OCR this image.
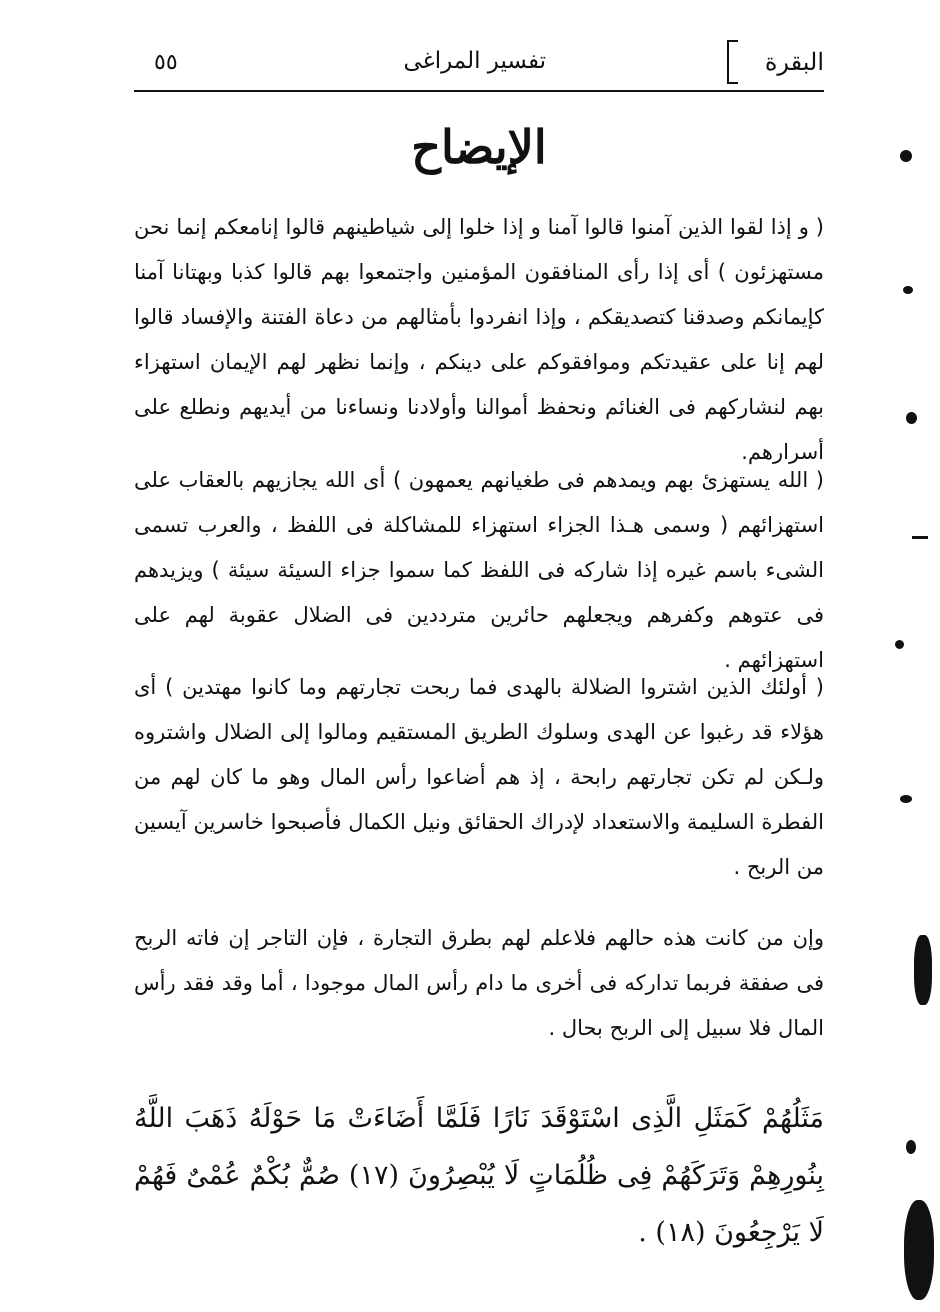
البقرة
تفسير المراغى
٥٥
الإيضاح
( و إذا لقوا الذين آمنوا قالوا آمنا و إذا خلوا إلى شياطينهم قالوا إنامعكم إنما نحن مستهزئون ) أى إذا رأى المنافقون المؤمنين واجتمعوا بهم قالوا كذبا وبهتانا آمنا كإيمانكم وصدقنا كتصديقكم ، وإذا انفردوا بأمثالهم من دعاة الفتنة والإفساد قالوا لهم إنا على عقيدتكم وموافقوكم على دينكم ، وإنما نظهر لهم الإيمان استهزاء بهم لنشاركهم فى الغنائم ونحفظ أموالنا وأولادنا ونساءنا من أيديهم ونطلع على أسرارهم.
( الله يستهزئ بهم ويمدهم فى طغيانهم يعمهون ) أى الله يجازيهم بالعقاب على استهزائهم ( وسمى هـذا الجزاء استهزاء للمشاكلة فى اللفظ ، والعرب تسمى الشىء باسم غيره إذا شاركه فى اللفظ كما سموا جزاء السيئة سيئة ) ويزيدهم فى عتوهم وكفرهم ويجعلهم حائرين مترددين فى الضلال عقوبة لهم على استهزائهم .
( أولئك الذين اشتروا الضلالة بالهدى فما ربحت تجارتهم وما كانوا مهتدين ) أى هؤلاء قد رغبوا عن الهدى وسلوك الطريق المستقيم ومالوا إلى الضلال واشتروه ولـكن لم تكن تجارتهم رابحة ، إذ هم أضاعوا رأس المال وهو ما كان لهم من الفطرة السليمة والاستعداد لإدراك الحقائق ونيل الكمال فأصبحوا خاسرين آيسين من الربح .
وإن من كانت هذه حالهم فلاعلم لهم بطرق التجارة ، فإن التاجر إن فاته الربح فى صفقة فربما تداركه فى أخرى ما دام رأس المال موجودا ، أما وقد فقد رأس المال فلا سبيل إلى الربح بحال .
مَثَلُهُمْ كَمَثَلِ الَّذِى اسْتَوْقَدَ نَارًا فَلَمَّا أَضَاءَتْ مَا حَوْلَهُ ذَهَبَ اللَّهُ بِنُورِهِمْ وَتَرَكَهُمْ فِى ظُلُمَاتٍ لَا يُبْصِرُونَ (١٧) صُمٌّ بُكْمٌ عُمْىٌ فَهُمْ لَا يَرْجِعُونَ (١٨) .
